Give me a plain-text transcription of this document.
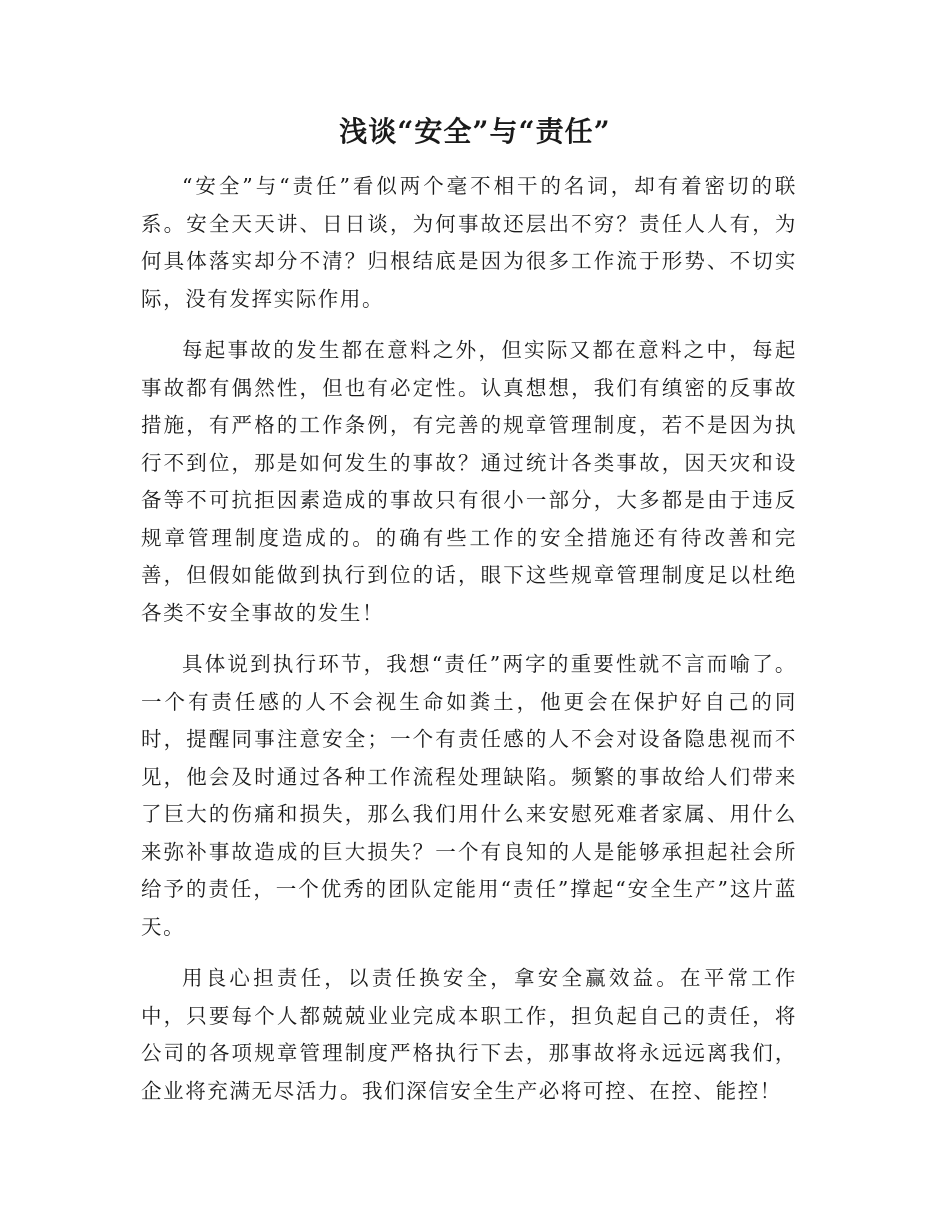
浅谈“安全”与“责任”

“安全”与“责任”看似两个毫不相干的名词，却有着密切的联系。安全天天讲、日日谈，为何事故还层出不穷？责任人人有，为何具体落实却分不清？归根结底是因为很多工作流于形势、不切实际，没有发挥实际作用。

每起事故的发生都在意料之外，但实际又都在意料之中，每起事故都有偶然性，但也有必定性。认真想想，我们有缜密的反事故措施，有严格的工作条例，有完善的规章管理制度，若不是因为执行不到位，那是如何发生的事故？通过统计各类事故，因天灾和设备等不可抗拒因素造成的事故只有很小一部分，大多都是由于违反规章管理制度造成的。的确有些工作的安全措施还有待改善和完善，但假如能做到执行到位的话，眼下这些规章管理制度足以杜绝各类不安全事故的发生！

具体说到执行环节，我想“责任”两字的重要性就不言而喻了。一个有责任感的人不会视生命如粪土，他更会在保护好自己的同时，提醒同事注意安全；一个有责任感的人不会对设备隐患视而不见，他会及时通过各种工作流程处理缺陷。频繁的事故给人们带来了巨大的伤痛和损失，那么我们用什么来安慰死难者家属、用什么来弥补事故造成的巨大损失？一个有良知的人是能够承担起社会所给予的责任，一个优秀的团队定能用“责任”撑起“安全生产”这片蓝天。

用良心担责任，以责任换安全，拿安全赢效益。在平常工作中，只要每个人都兢兢业业完成本职工作，担负起自己的责任，将公司的各项规章管理制度严格执行下去，那事故将永远远离我们，企业将充满无尽活力。我们深信安全生产必将可控、在控、能控！
